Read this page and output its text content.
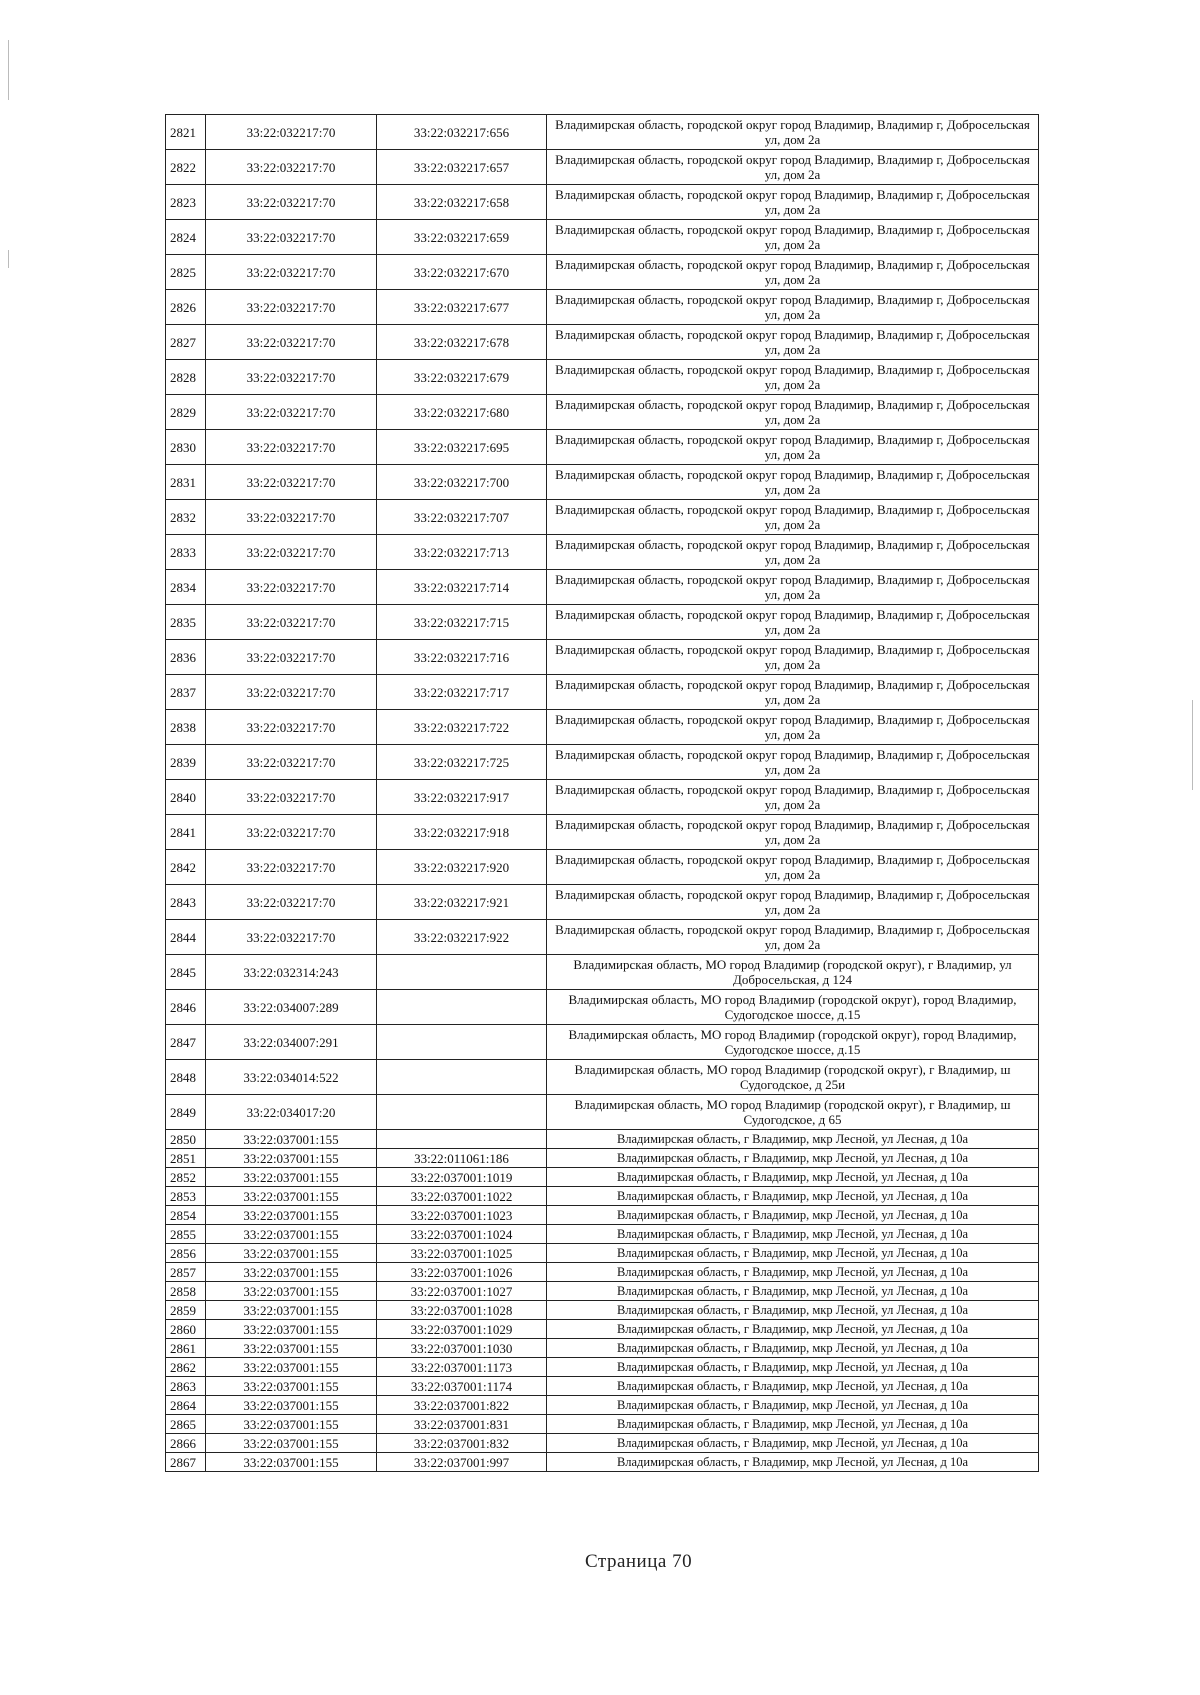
2821	33:22:032217:70	33:22:032217:656	Владимирская область, городской округ город Владимир, Владимир г, Добросельская ул, дом 2а
2822	33:22:032217:70	33:22:032217:657	Владимирская область, городской округ город Владимир, Владимир г, Добросельская ул, дом 2а
2823	33:22:032217:70	33:22:032217:658	Владимирская область, городской округ город Владимир, Владимир г, Добросельская ул, дом 2а
2824	33:22:032217:70	33:22:032217:659	Владимирская область, городской округ город Владимир, Владимир г, Добросельская ул, дом 2а
2825	33:22:032217:70	33:22:032217:670	Владимирская область, городской округ город Владимир, Владимир г, Добросельская ул, дом 2а
2826	33:22:032217:70	33:22:032217:677	Владимирская область, городской округ город Владимир, Владимир г, Добросельская ул, дом 2а
2827	33:22:032217:70	33:22:032217:678	Владимирская область, городской округ город Владимир, Владимир г, Добросельская ул, дом 2а
2828	33:22:032217:70	33:22:032217:679	Владимирская область, городской округ город Владимир, Владимир г, Добросельская ул, дом 2а
2829	33:22:032217:70	33:22:032217:680	Владимирская область, городской округ город Владимир, Владимир г, Добросельская ул, дом 2а
2830	33:22:032217:70	33:22:032217:695	Владимирская область, городской округ город Владимир, Владимир г, Добросельская ул, дом 2а
2831	33:22:032217:70	33:22:032217:700	Владимирская область, городской округ город Владимир, Владимир г, Добросельская ул, дом 2а
2832	33:22:032217:70	33:22:032217:707	Владимирская область, городской округ город Владимир, Владимир г, Добросельская ул, дом 2а
2833	33:22:032217:70	33:22:032217:713	Владимирская область, городской округ город Владимир, Владимир г, Добросельская ул, дом 2а
2834	33:22:032217:70	33:22:032217:714	Владимирская область, городской округ город Владимир, Владимир г, Добросельская ул, дом 2а
2835	33:22:032217:70	33:22:032217:715	Владимирская область, городской округ город Владимир, Владимир г, Добросельская ул, дом 2а
2836	33:22:032217:70	33:22:032217:716	Владимирская область, городской округ город Владимир, Владимир г, Добросельская ул, дом 2а
2837	33:22:032217:70	33:22:032217:717	Владимирская область, городской округ город Владимир, Владимир г, Добросельская ул, дом 2а
2838	33:22:032217:70	33:22:032217:722	Владимирская область, городской округ город Владимир, Владимир г, Добросельская ул, дом 2а
2839	33:22:032217:70	33:22:032217:725	Владимирская область, городской округ город Владимир, Владимир г, Добросельская ул, дом 2а
2840	33:22:032217:70	33:22:032217:917	Владимирская область, городской округ город Владимир, Владимир г, Добросельская ул, дом 2а
2841	33:22:032217:70	33:22:032217:918	Владимирская область, городской округ город Владимир, Владимир г, Добросельская ул, дом 2а
2842	33:22:032217:70	33:22:032217:920	Владимирская область, городской округ город Владимир, Владимир г, Добросельская ул, дом 2а
2843	33:22:032217:70	33:22:032217:921	Владимирская область, городской округ город Владимир, Владимир г, Добросельская ул, дом 2а
2844	33:22:032217:70	33:22:032217:922	Владимирская область, городской округ город Владимир, Владимир г, Добросельская ул, дом 2а
2845	33:22:032314:243		Владимирская область, МО город Владимир (городской округ), г Владимир, ул Добросельская, д 124
2846	33:22:034007:289		Владимирская область, МО город Владимир (городской округ), город Владимир, Судогодское шоссе, д.15
2847	33:22:034007:291		Владимирская область, МО город Владимир (городской округ), город Владимир, Судогодское шоссе, д.15
2848	33:22:034014:522		Владимирская область, МО город Владимир (городской округ), г Владимир, ш Судогодское, д 25и
2849	33:22:034017:20		Владимирская область, МО город Владимир (городской округ), г Владимир, ш Судогодское, д 65
2850	33:22:037001:155		Владимирская область, г Владимир, мкр Лесной, ул Лесная, д 10а
2851	33:22:037001:155	33:22:011061:186	Владимирская область, г Владимир, мкр Лесной, ул Лесная, д 10а
2852	33:22:037001:155	33:22:037001:1019	Владимирская область, г Владимир, мкр Лесной, ул Лесная, д 10а
2853	33:22:037001:155	33:22:037001:1022	Владимирская область, г Владимир, мкр Лесной, ул Лесная, д 10а
2854	33:22:037001:155	33:22:037001:1023	Владимирская область, г Владимир, мкр Лесной, ул Лесная, д 10а
2855	33:22:037001:155	33:22:037001:1024	Владимирская область, г Владимир, мкр Лесной, ул Лесная, д 10а
2856	33:22:037001:155	33:22:037001:1025	Владимирская область, г Владимир, мкр Лесной, ул Лесная, д 10а
2857	33:22:037001:155	33:22:037001:1026	Владимирская область, г Владимир, мкр Лесной, ул Лесная, д 10а
2858	33:22:037001:155	33:22:037001:1027	Владимирская область, г Владимир, мкр Лесной, ул Лесная, д 10а
2859	33:22:037001:155	33:22:037001:1028	Владимирская область, г Владимир, мкр Лесной, ул Лесная, д 10а
2860	33:22:037001:155	33:22:037001:1029	Владимирская область, г Владимир, мкр Лесной, ул Лесная, д 10а
2861	33:22:037001:155	33:22:037001:1030	Владимирская область, г Владимир, мкр Лесной, ул Лесная, д 10а
2862	33:22:037001:155	33:22:037001:1173	Владимирская область, г Владимир, мкр Лесной, ул Лесная, д 10а
2863	33:22:037001:155	33:22:037001:1174	Владимирская область, г Владимир, мкр Лесной, ул Лесная, д 10а
2864	33:22:037001:155	33:22:037001:822	Владимирская область, г Владимир, мкр Лесной, ул Лесная, д 10а
2865	33:22:037001:155	33:22:037001:831	Владимирская область, г Владимир, мкр Лесной, ул Лесная, д 10а
2866	33:22:037001:155	33:22:037001:832	Владимирская область, г Владимир, мкр Лесной, ул Лесная, д 10а
2867	33:22:037001:155	33:22:037001:997	Владимирская область, г Владимир, мкр Лесной, ул Лесная, д 10а
Страница 70
